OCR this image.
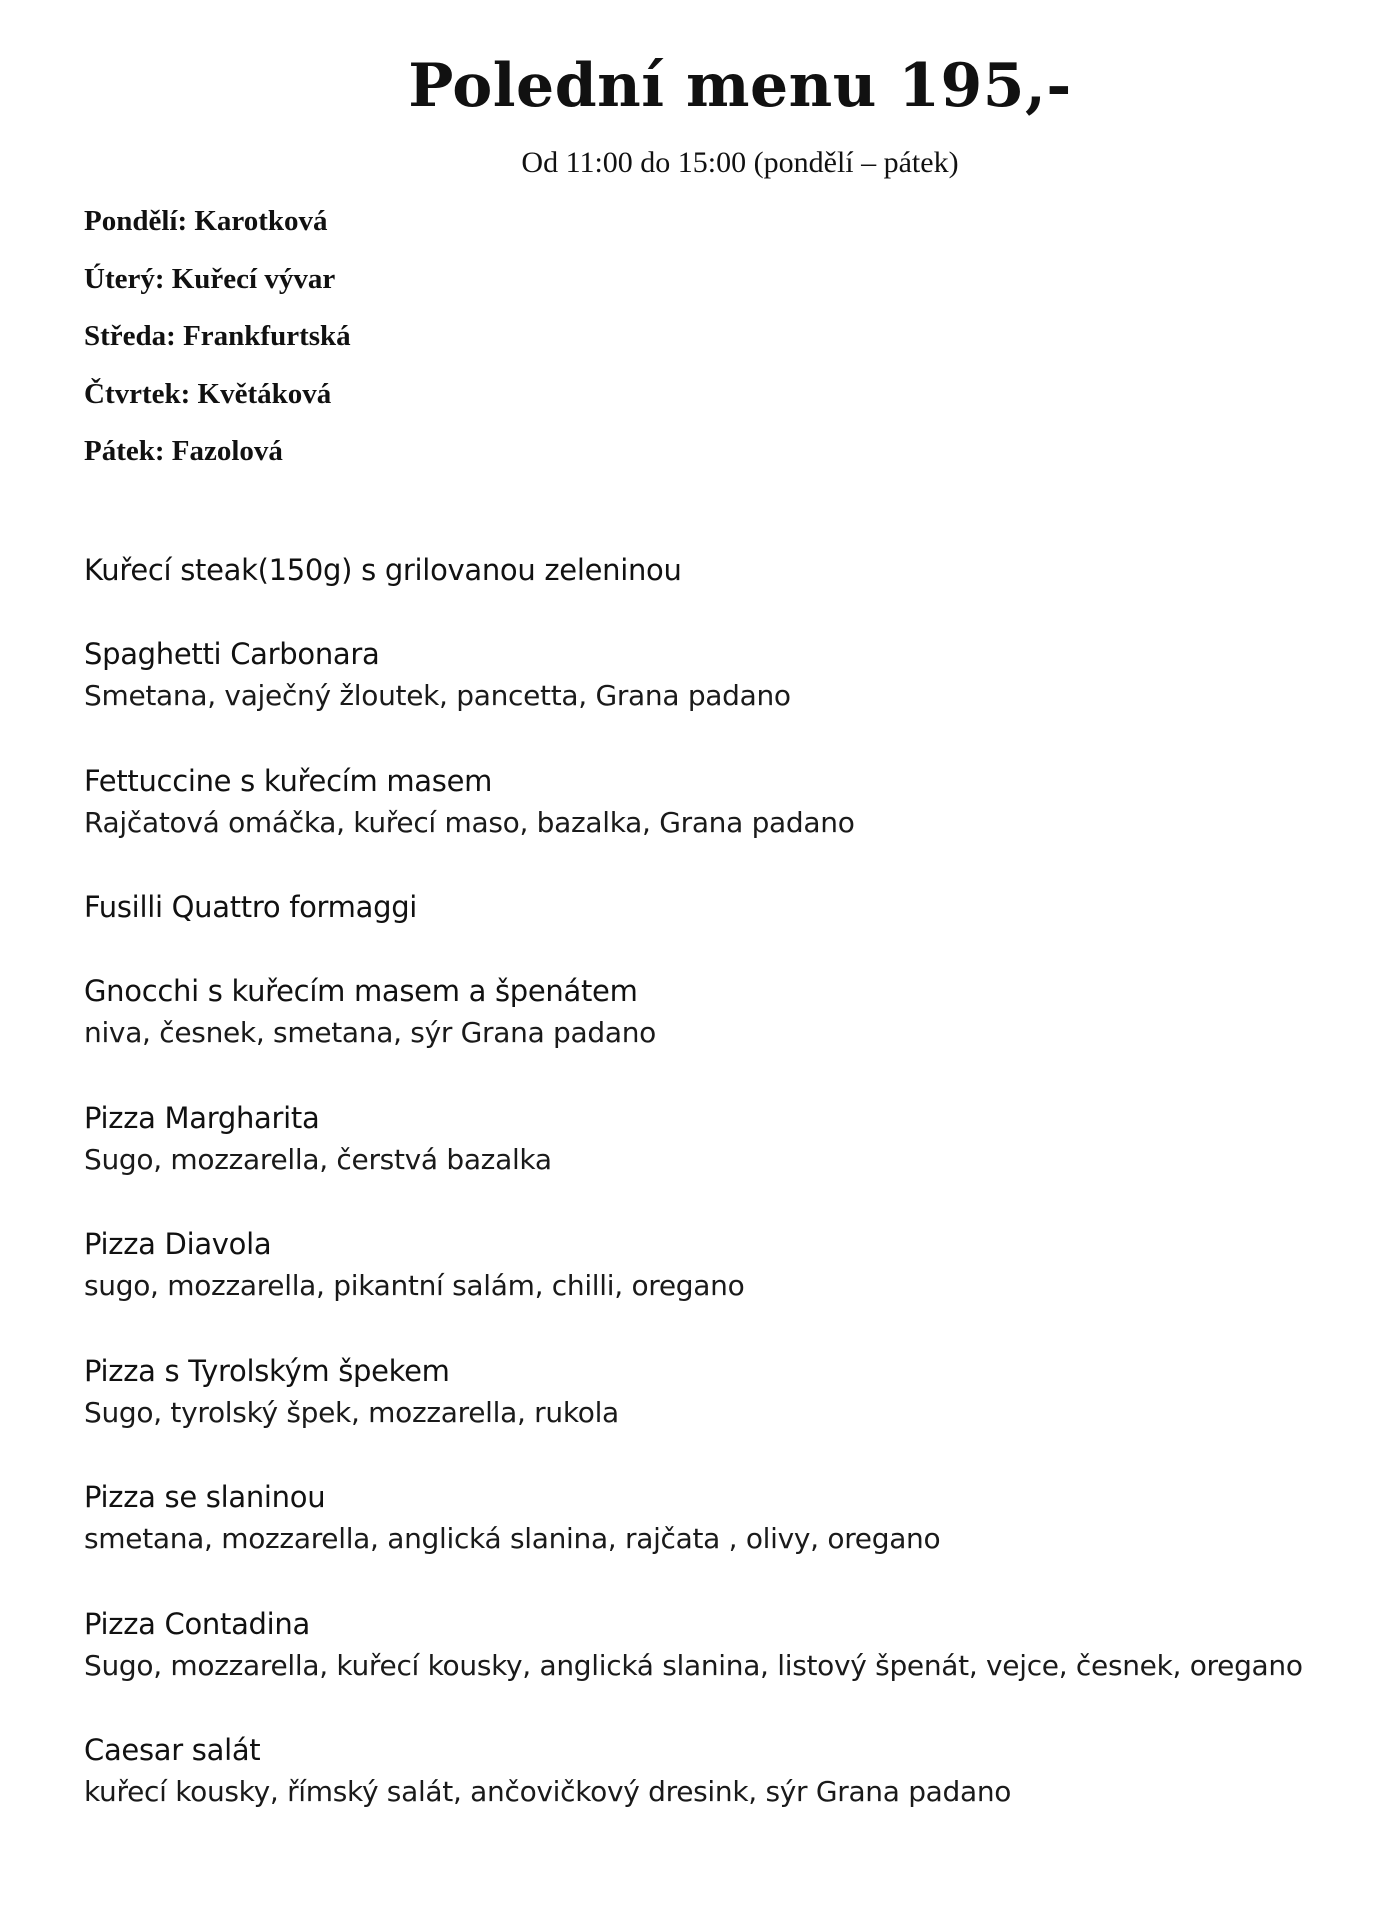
Polední menu 195,-
Od 11:00 do 15:00 (pondělí – pátek)
Pondělí: Karotková
Úterý: Kuřecí vývar
Středa: Frankfurtská
Čtvrtek: Květáková
Pátek: Fazolová
Kuřecí steak(150g) s grilovanou zeleninou
Spaghetti Carbonara
Smetana, vaječný žloutek, pancetta, Grana padano
Fettuccine s kuřecím masem
Rajčatová omáčka, kuřecí maso, bazalka, Grana padano
Fusilli Quattro formaggi
Gnocchi s kuřecím masem a špenátem
niva, česnek, smetana, sýr Grana padano
Pizza Margharita
Sugo, mozzarella, čerstvá bazalka
Pizza Diavola
sugo, mozzarella, pikantní salám, chilli, oregano
Pizza s Tyrolským špekem
Sugo, tyrolský špek, mozzarella, rukola
Pizza se slaninou
smetana, mozzarella, anglická slanina, rajčata , olivy, oregano
Pizza Contadina
Sugo, mozzarella, kuřecí kousky, anglická slanina, listový špenát, vejce, česnek, oregano
Caesar salát
kuřecí kousky, římský salát, ančovičkový dresink, sýr Grana padano
